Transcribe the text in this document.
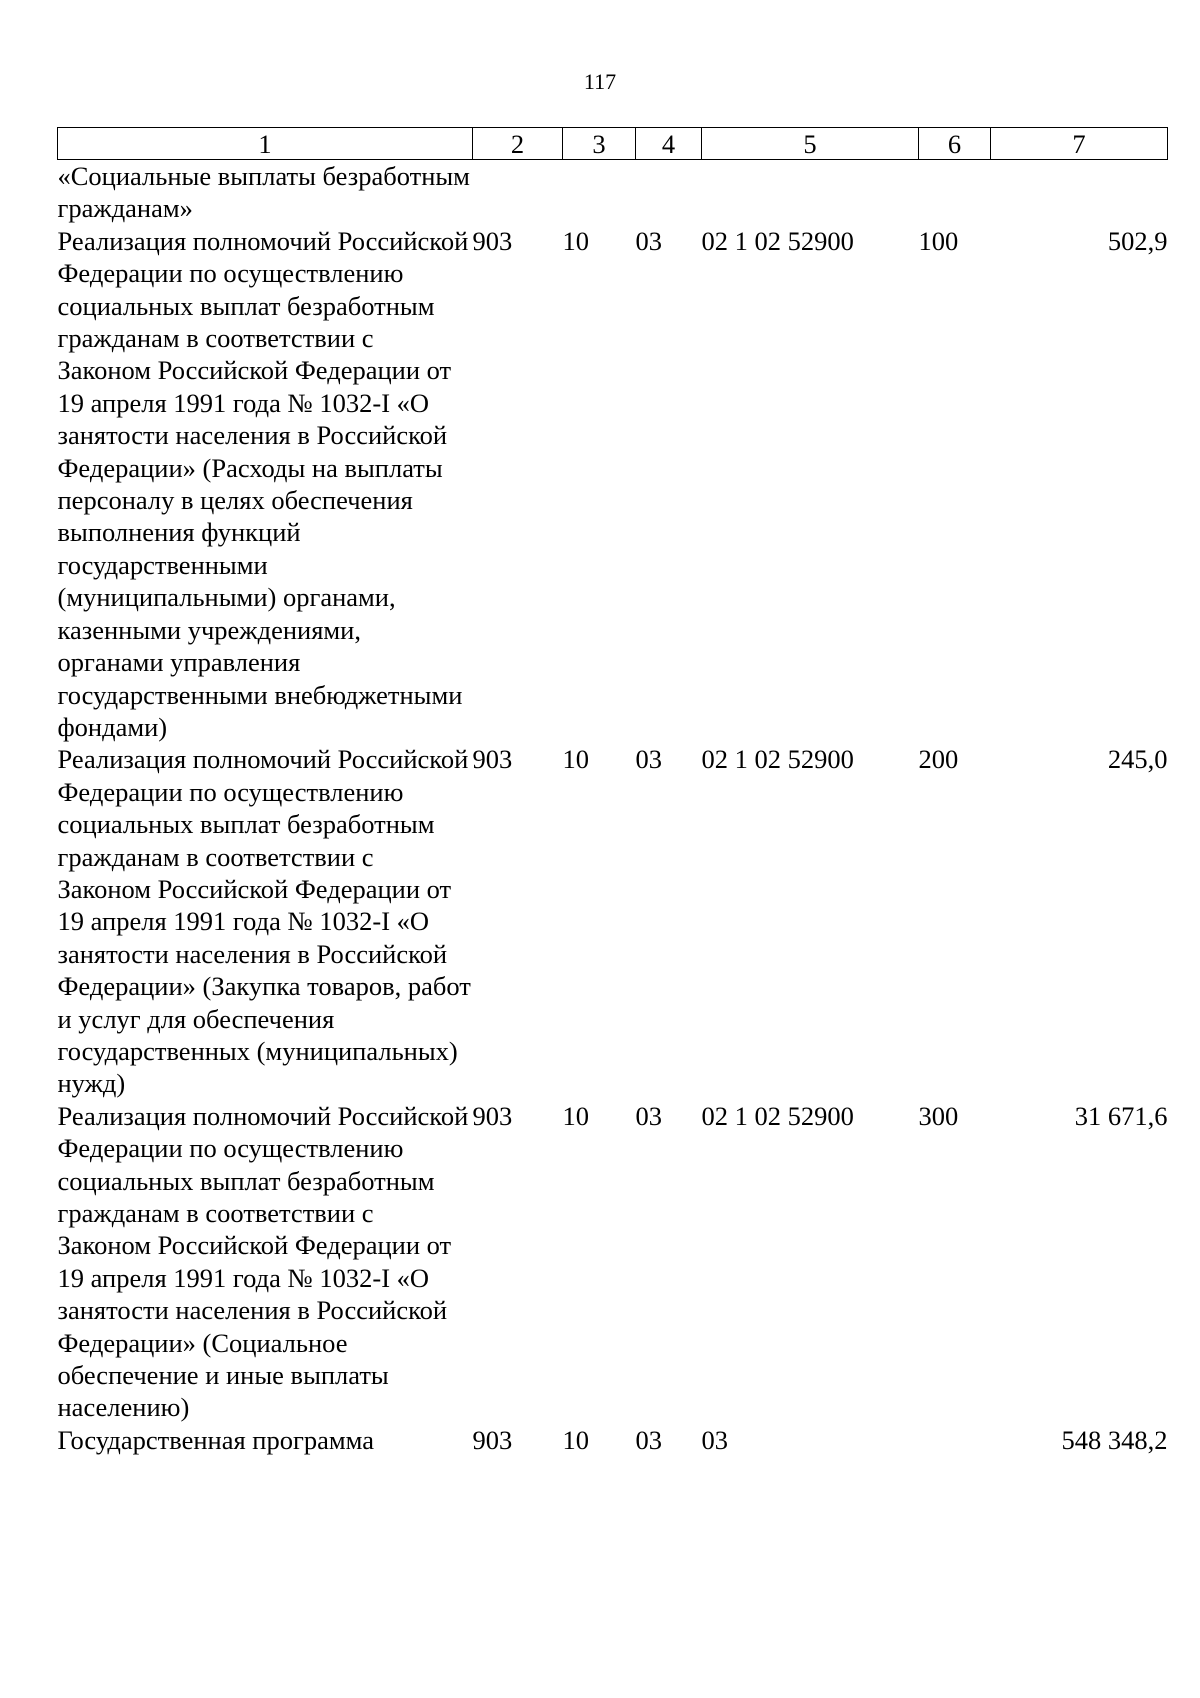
117
1	2	3	4	5	6	7
«Социальные выплаты безработным гражданам»						
Реализация полномочий Российской Федерации по осуществлению социальных выплат безработным гражданам в соответствии с Законом Российской Федерации от 19 апреля 1991 года № 1032-I «О занятости населения в Российской Федерации» (Расходы на выплаты персоналу в целях обеспечения выполнения функций государственными (муниципальными) органами, казенными учреждениями, органами управления государственными внебюджетными фондами)	903	10	03	02 1 02 52900	100	502,9
Реализация полномочий Российской Федерации по осуществлению социальных выплат безработным гражданам в соответствии с Законом Российской Федерации от 19 апреля 1991 года № 1032-I «О занятости населения в Российской Федерации» (Закупка товаров, работ и услуг для обеспечения государственных (муниципальных) нужд)	903	10	03	02 1 02 52900	200	245,0
Реализация полномочий Российской Федерации по осуществлению социальных выплат безработным гражданам в соответствии с Законом Российской Федерации от 19 апреля 1991 года № 1032-I «О занятости населения в Российской Федерации» (Социальное обеспечение и иные выплаты населению)	903	10	03	02 1 02 52900	300	31 671,6
Государственная программа	903	10	03	03		548 348,2
